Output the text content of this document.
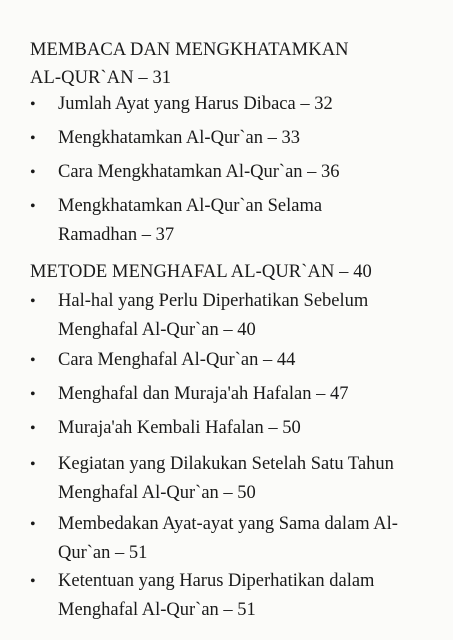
MEMBACA DAN MENGKHATAMKAN
AL-QUR`AN – 31
• Jumlah Ayat yang Harus Dibaca – 32
• Mengkhatamkan Al-Qur`an – 33
• Cara Mengkhatamkan Al-Qur`an – 36
• Mengkhatamkan Al-Qur`an Selama
Ramadhan – 37
METODE MENGHAFAL AL-QUR`AN – 40
• Hal-hal yang Perlu Diperhatikan Sebelum
Menghafal Al-Qur`an – 40
• Cara Menghafal Al-Qur`an – 44
• Menghafal dan Muraja'ah Hafalan – 47
• Muraja'ah Kembali Hafalan – 50
• Kegiatan yang Dilakukan Setelah Satu Tahun
Menghafal Al-Qur`an – 50
• Membedakan Ayat-ayat yang Sama dalam Al-
Qur`an – 51
• Ketentuan yang Harus Diperhatikan dalam
Menghafal Al-Qur`an – 51
